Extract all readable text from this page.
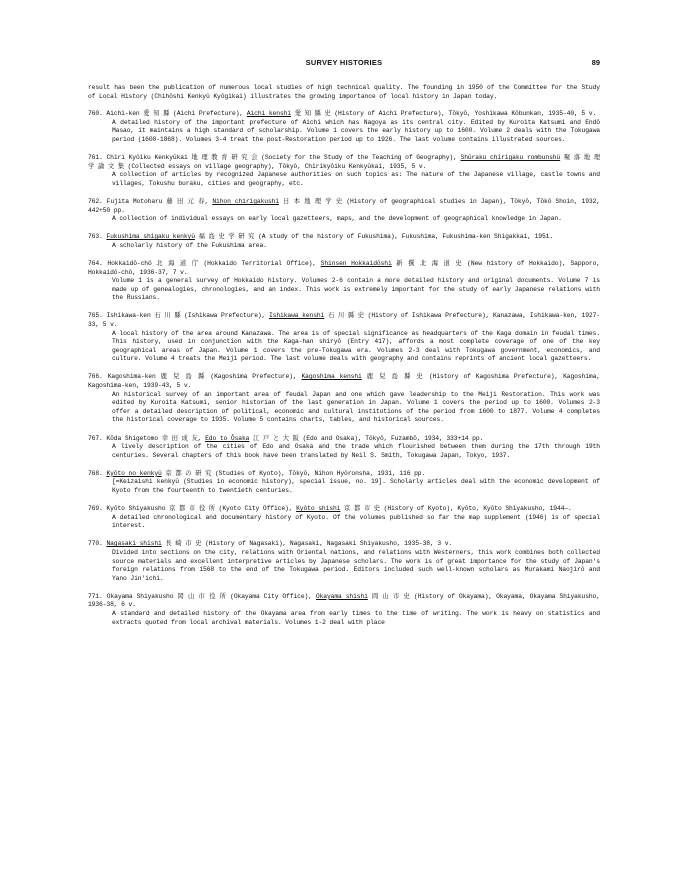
SURVEY HISTORIES	89

result has been the publication of numerous local studies of high technical quality. The founding in 1950 of the Committee for the Study of Local History (Chihōshi Kenkyū Kyōgikai) illustrates the growing importance of local history in Japan today.

760. Aichi-ken 愛 知 縣 (Aichi Prefecture), Aichi kenshi 愛 知 縣 史 (History of Aichi Prefecture), Tōkyō, Yoshikawa Kōbunkan, 1935-40, 5 v.

A detailed history of the important prefecture of Aichi which has Nagoya as its central city. Edited by Kuroita Katsumi and Endō Masao, it maintains a high standard of scholarship. Volume 1 covers the early history up to 1600. Volume 2 deals with the Tokugawa period (1600-1868). Volumes 3-4 treat the post-Restoration period up to 1926. The last volume contains illustrated sources.

761. Chiri Kyōiku Kenkyūkai 地 理 教 育 研 究 会 (Society for the Study of the Teaching of Geography), Shūraku chirigaku rombunshū 聚 落 地 理 学 論 文 集 (Collected essays on village geography), Tōkyō, Chirikyōiku Kenkyūkai, 1935, 5 v.

A collection of articles by recognized Japanese authorities on such topics as: The nature of the Japanese village, castle towns and villages, Tokushu buraku, cities and geography, etc.

762. Fujita Motoharu 藤 田 元 春, Nihon chirigakushi 日 本 地 理 学 史 (History of geographical studies in Japan), Tōkyō, Tōkō Shoin, 1932, 442+50 pp.

A collection of individual essays on early local gazetteers, maps, and the development of geographical knowledge in Japan.

763. Fukushima shigaku kenkyū 福 島 史 学 研 究 (A study of the history of Fukushima), Fukushima, Fukushima-ken Shigakkai, 1951.

A scholarly history of the Fukushima area.

764. Hokkaidō-chō 北 海 道 庁 (Hokkaido Territorial Office), Shinsen Hokkaidōshi 新 撰 北 海 道 史 (New history of Hokkaido), Sapporo, Hokkaidō-chō, 1936-37, 7 v.

Volume 1 is a general survey of Hokkaido history. Volumes 2-6 contain a more detailed history and original documents. Volume 7 is made up of genealogies, chronologies, and an index. This work is extremely important for the study of early Japanese relations with the Russians.

765. Ishikawa-ken 石 川 縣 (Ishikawa Prefecture), Ishikawa kenshi 石 川 縣 史 (History of Ishikawa Prefecture), Kanazawa, Ishikawa-ken, 1927-33, 5 v.

A local history of the area around Kanazawa. The area is of special significance as headquarters of the Kaga domain in feudal times. This history, used in conjunction with the Kaga-han shiryō (Entry 417), affords a most complete coverage of one of the key geographical areas of Japan. Volume 1 covers the pre-Tokugawa era. Volumes 2-3 deal with Tokugawa government, economics, and culture. Volume 4 treats the Meiji period. The last volume deals with geography and contains reprints of ancient local gazetteers.

766. Kagoshima-ken 鹿 兒 島 縣 (Kagoshima Prefecture), Kagoshima kenshi 鹿 兒 島 縣 史 (History of Kagoshima Prefecture), Kagoshima, Kagoshima-ken, 1939-43, 5 v.

An historical survey of an important area of feudal Japan and one which gave leadership to the Meiji Restoration. This work was edited by Kuroita Katsumi, senior historian of the last generation in Japan. Volume 1 covers the period up to 1600. Volumes 2-3 offer a detailed description of political, economic and cultural institutions of the period from 1600 to 1877. Volume 4 completes the historical coverage to 1935. Volume 5 contains charts, tables, and historical sources.

767. Kōda Shigetomo 幸 田 成 友, Edo to Ōsaka 江 戸 と 大 阪 (Edo and Osaka), Tōkyō, Fuzambō, 1934, 333+14 pp.

A lively description of the cities of Edo and Osaka and the trade which flourished between them during the 17th through 19th centuries. Several chapters of this book have been translated by Neil S. Smith, Tokugawa Japan, Tokyo, 1937.

768. Kyōto no kenkyū 京 都 の 研 究 (Studies of Kyoto), Tōkyō, Nihon Hyōronsha, 1931, 116 pp.

[=Keizaishi kenkyū (Studies in economic history), special issue, no. 19]. Scholarly articles deal with the economic development of Kyoto from the fourteenth to twentieth centuries.

769. Kyōto Shiyakusho 京 都 市 役 所 (Kyoto City Office), Kyōto shishi 京 都 市 史 (History of Kyoto), Kyōto, Kyōto Shiyakusho, 1944—.

A detailed chronological and documentary history of Kyoto. Of the volumes published so far the map supplement (1946) is of special interest.

770. Nagasaki shishi 長 崎 市 史 (History of Nagasaki), Nagasaki, Nagasaki Shiyakusho, 1935-38, 3 v.

Divided into sections on the city, relations with Oriental nations, and relations with Westerners, this work combines both collected source materials and excellent interpretive articles by Japanese scholars. The work is of great importance for the study of Japan's foreign relations from 1568 to the end of the Tokugawa period. Editors included such well-known scholars as Murakami Naojirō and Yano Jin'ichi.

771. Okayama Shiyakusho 岡 山 市 役 所 (Okayama City Office), Okayama shishi 岡 山 市 史 (History of Okayama), Okayama, Okayama Shiyakusho, 1936-38, 6 v.

A standard and detailed history of the Okayama area from early times to the time of writing. The work is heavy on statistics and extracts quoted from local archival materials. Volumes 1-2 deal with place
